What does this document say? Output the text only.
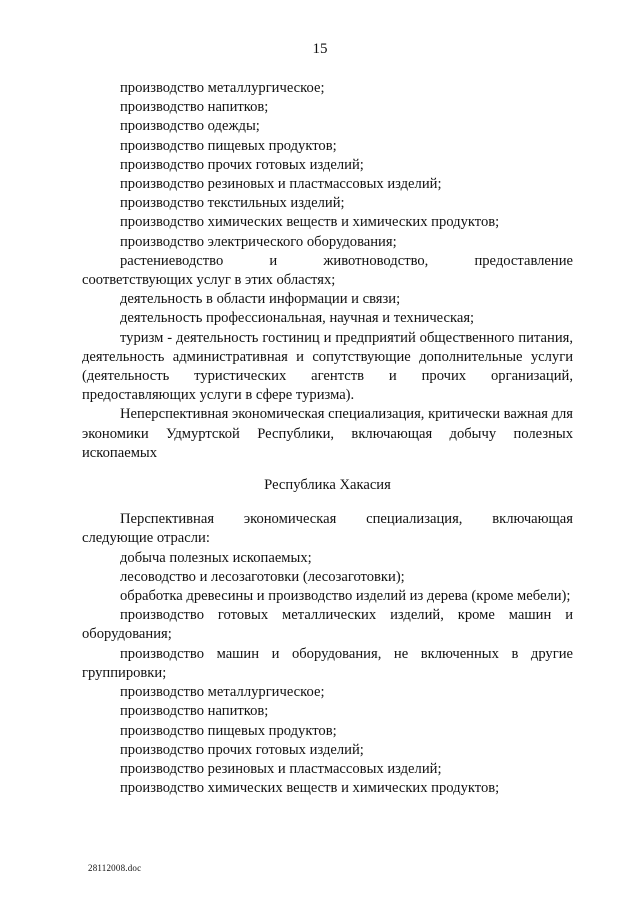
15

производство металлургическое;

производство напитков;

производство одежды;

производство пищевых продуктов;

производство прочих готовых изделий;

производство резиновых и пластмассовых изделий;

производство текстильных изделий;

производство химических веществ и химических продуктов;

производство электрического оборудования;

растениеводство и животноводство, предоставление

соответствующих услуг в этих областях;

деятельность в области информации и связи;

деятельность профессиональная, научная и техническая;

туризм - деятельность гостиниц и предприятий общественного питания, деятельность административная и сопутствующие дополнительные услуги (деятельность туристических агентств и прочих организаций, предоставляющих услуги в сфере туризма).

Неперспективная экономическая специализация, критически важная для экономики Удмуртской Республики, включающая добычу полезных ископаемых

Республика Хакасия

Перспективная экономическая специализация, включающая

следующие отрасли:

добыча полезных ископаемых;

лесоводство и лесозаготовки (лесозаготовки);

обработка древесины и производство изделий из дерева (кроме мебели);

производство готовых металлических изделий, кроме машин и оборудования;

производство машин и оборудования, не включенных в другие группировки;

производство металлургическое;

производство напитков;

производство пищевых продуктов;

производство прочих готовых изделий;

производство резиновых и пластмассовых изделий;

производство химических веществ и химических продуктов;

28112008.doc
